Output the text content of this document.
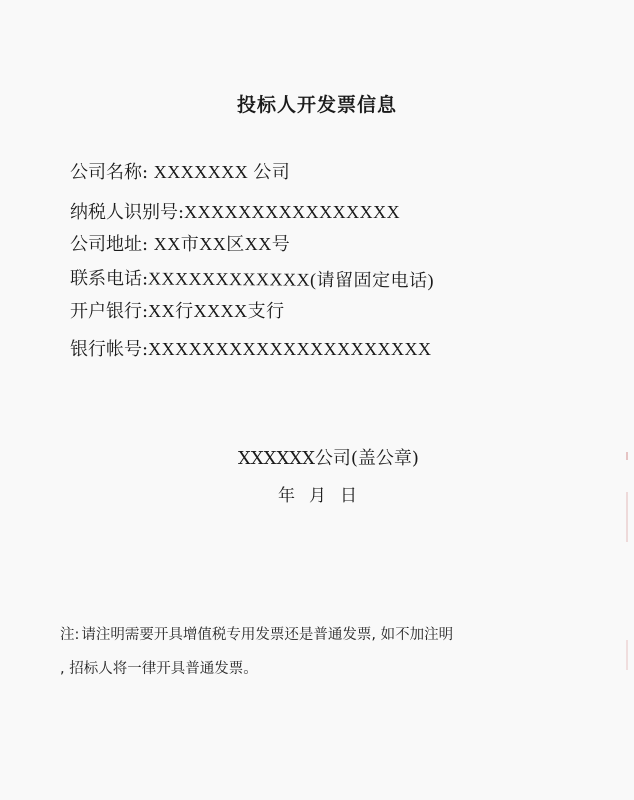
投标人开发票信息
公司名称: XXXXXXX 公司
纳税人识别号:XXXXXXXXXXXXXXXX
公司地址: XX市XX区XX号
联系电话:XXXXXXXXXXXX(请留固定电话)
开户银行:XX行XXXX支行
银行帐号:XXXXXXXXXXXXXXXXXXXXX
XXXXXX公司(盖公章)
年 月 日
注: 请注明需要开具增值税专用发票还是普通发票, 如不加注明
, 招标人将一律开具普通发票。
